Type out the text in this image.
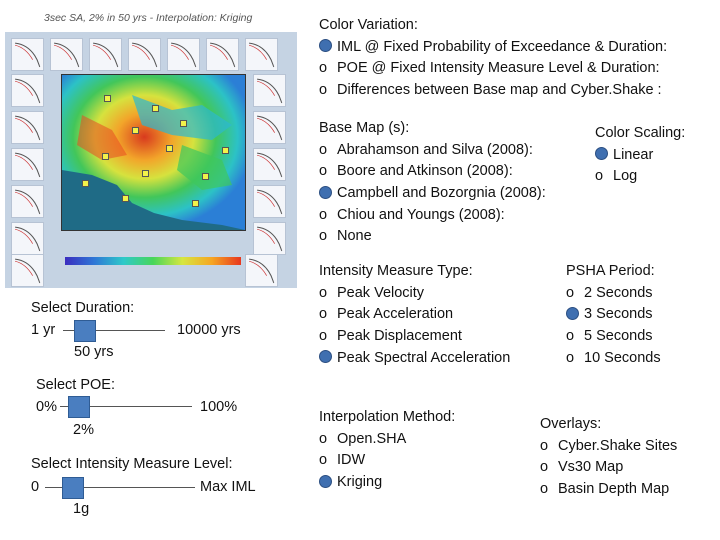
3sec SA, 2% in 50 yrs - Interpolation: Kriging	Color Variation:
IML @ Fixed Probability of Exceedance & Duration:
o POE @ Fixed Intensity Measure Level & Duration:
o Differences between Base map and Cyber.Shake :
Base Map (s):
o Abrahamson and Silva (2008):
o Boore and Atkinson (2008):
Campbell and Bozorgnia (2008):
o Chiou and Youngs (2008):
o None
Color Scaling:
Linear
o Log
Intensity Measure Type:
o Peak Velocity
o Peak Acceleration
o Peak Displacement
Peak Spectral Acceleration
PSHA Period:
o 2 Seconds
3 Seconds
o 5 Seconds
o 10 Seconds
Interpolation Method:
o Open.SHA
o IDW
Kriging
Overlays:
o Cyber.Shake Sites
o Vs30 Map
o Basin Depth Map
Select Duration:
1 yr	10000 yrs
50 yrs
Select POE:
0%	100%
2%
Select Intensity Measure Level:
0	Max IML
1g
